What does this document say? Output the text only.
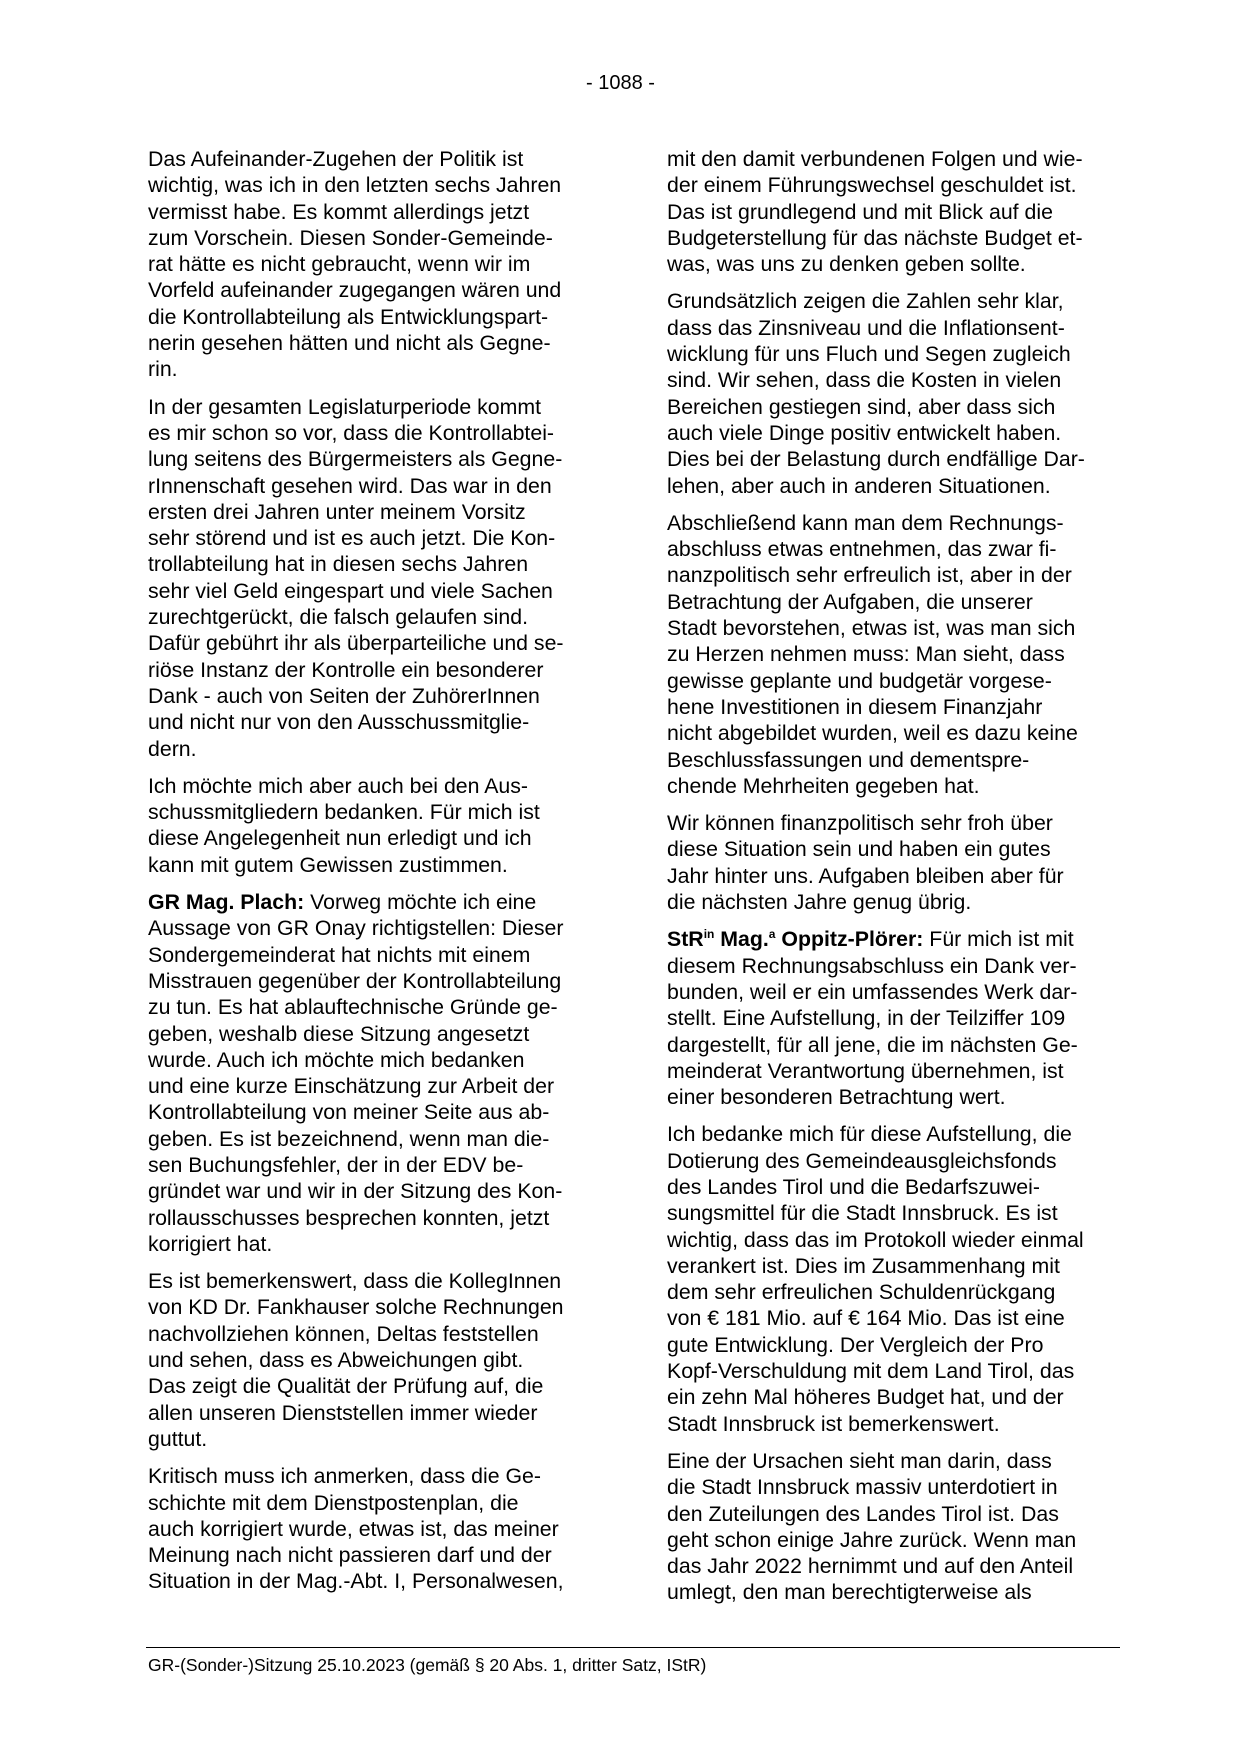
- 1088 -

Das Aufeinander-Zugehen der Politik ist
wichtig, was ich in den letzten sechs Jahren
vermisst habe. Es kommt allerdings jetzt
zum Vorschein. Diesen Sonder-Gemeinde-
rat hätte es nicht gebraucht, wenn wir im
Vorfeld aufeinander zugegangen wären und
die Kontrollabteilung als Entwicklungspart-
nerin gesehen hätten und nicht als Gegne-
rin.

In der gesamten Legislaturperiode kommt
es mir schon so vor, dass die Kontrollabtei-
lung seitens des Bürgermeisters als Gegne-
rInnenschaft gesehen wird. Das war in den
ersten drei Jahren unter meinem Vorsitz
sehr störend und ist es auch jetzt. Die Kon-
trollabteilung hat in diesen sechs Jahren
sehr viel Geld eingespart und viele Sachen
zurechtgerückt, die falsch gelaufen sind.
Dafür gebührt ihr als überparteiliche und se-
riöse Instanz der Kontrolle ein besonderer
Dank - auch von Seiten der ZuhörerInnen
und nicht nur von den Ausschussmitglie-
dern.

Ich möchte mich aber auch bei den Aus-
schussmitgliedern bedanken. Für mich ist
diese Angelegenheit nun erledigt und ich
kann mit gutem Gewissen zustimmen.

GR Mag. Plach: Vorweg möchte ich eine
Aussage von GR Onay richtigstellen: Dieser
Sondergemeinderat hat nichts mit einem
Misstrauen gegenüber der Kontrollabteilung
zu tun. Es hat ablauftechnische Gründe ge-
geben, weshalb diese Sitzung angesetzt
wurde. Auch ich möchte mich bedanken
und eine kurze Einschätzung zur Arbeit der
Kontrollabteilung von meiner Seite aus ab-
geben. Es ist bezeichnend, wenn man die-
sen Buchungsfehler, der in der EDV be-
gründet war und wir in der Sitzung des Kon-
rollausschusses besprechen konnten, jetzt
korrigiert hat.

Es ist bemerkenswert, dass die KollegInnen
von KD Dr. Fankhauser solche Rechnungen
nachvollziehen können, Deltas feststellen
und sehen, dass es Abweichungen gibt.
Das zeigt die Qualität der Prüfung auf, die
allen unseren Dienststellen immer wieder
guttut.

Kritisch muss ich anmerken, dass die Ge-
schichte mit dem Dienstpostenplan, die
auch korrigiert wurde, etwas ist, das meiner
Meinung nach nicht passieren darf und der
Situation in der Mag.-Abt. I, Personalwesen,

mit den damit verbundenen Folgen und wie-
der einem Führungswechsel geschuldet ist.
Das ist grundlegend und mit Blick auf die
Budgeterstellung für das nächste Budget et-
was, was uns zu denken geben sollte.

Grundsätzlich zeigen die Zahlen sehr klar,
dass das Zinsniveau und die Inflationsent-
wicklung für uns Fluch und Segen zugleich
sind. Wir sehen, dass die Kosten in vielen
Bereichen gestiegen sind, aber dass sich
auch viele Dinge positiv entwickelt haben.
Dies bei der Belastung durch endfällige Dar-
lehen, aber auch in anderen Situationen.

Abschließend kann man dem Rechnungs-
abschluss etwas entnehmen, das zwar fi-
nanzpolitisch sehr erfreulich ist, aber in der
Betrachtung der Aufgaben, die unserer
Stadt bevorstehen, etwas ist, was man sich
zu Herzen nehmen muss: Man sieht, dass
gewisse geplante und budgetär vorgese-
hene Investitionen in diesem Finanzjahr
nicht abgebildet wurden, weil es dazu keine
Beschlussfassungen und dementspre-
chende Mehrheiten gegeben hat.

Wir können finanzpolitisch sehr froh über
diese Situation sein und haben ein gutes
Jahr hinter uns. Aufgaben bleiben aber für
die nächsten Jahre genug übrig.

StR$^{in}$ Mag.$^a$ Oppitz-Plörer: Für mich ist mit
diesem Rechnungsabschluss ein Dank ver-
bunden, weil er ein umfassendes Werk dar-
stellt. Eine Aufstellung, in der Teilziffer 109
dargestellt, für all jene, die im nächsten Ge-
meinderat Verantwortung übernehmen, ist
einer besonderen Betrachtung wert.

Ich bedanke mich für diese Aufstellung, die
Dotierung des Gemeindeausgleichsfonds
des Landes Tirol und die Bedarfszuwei-
sungsmittel für die Stadt Innsbruck. Es ist
wichtig, dass das im Protokoll wieder einmal
verankert ist. Dies im Zusammenhang mit
dem sehr erfreulichen Schuldenrückgang
von € 181 Mio. auf € 164 Mio. Das ist eine
gute Entwicklung. Der Vergleich der Pro
Kopf-Verschuldung mit dem Land Tirol, das
ein zehn Mal höheres Budget hat, und der
Stadt Innsbruck ist bemerkenswert.

Eine der Ursachen sieht man darin, dass
die Stadt Innsbruck massiv unterdotiert in
den Zuteilungen des Landes Tirol ist. Das
geht schon einige Jahre zurück. Wenn man
das Jahr 2022 hernimmt und auf den Anteil
umlegt, den man berechtigterweise als

GR-(Sonder-)Sitzung 25.10.2023 (gemäß § 20 Abs. 1, dritter Satz, IStR)
